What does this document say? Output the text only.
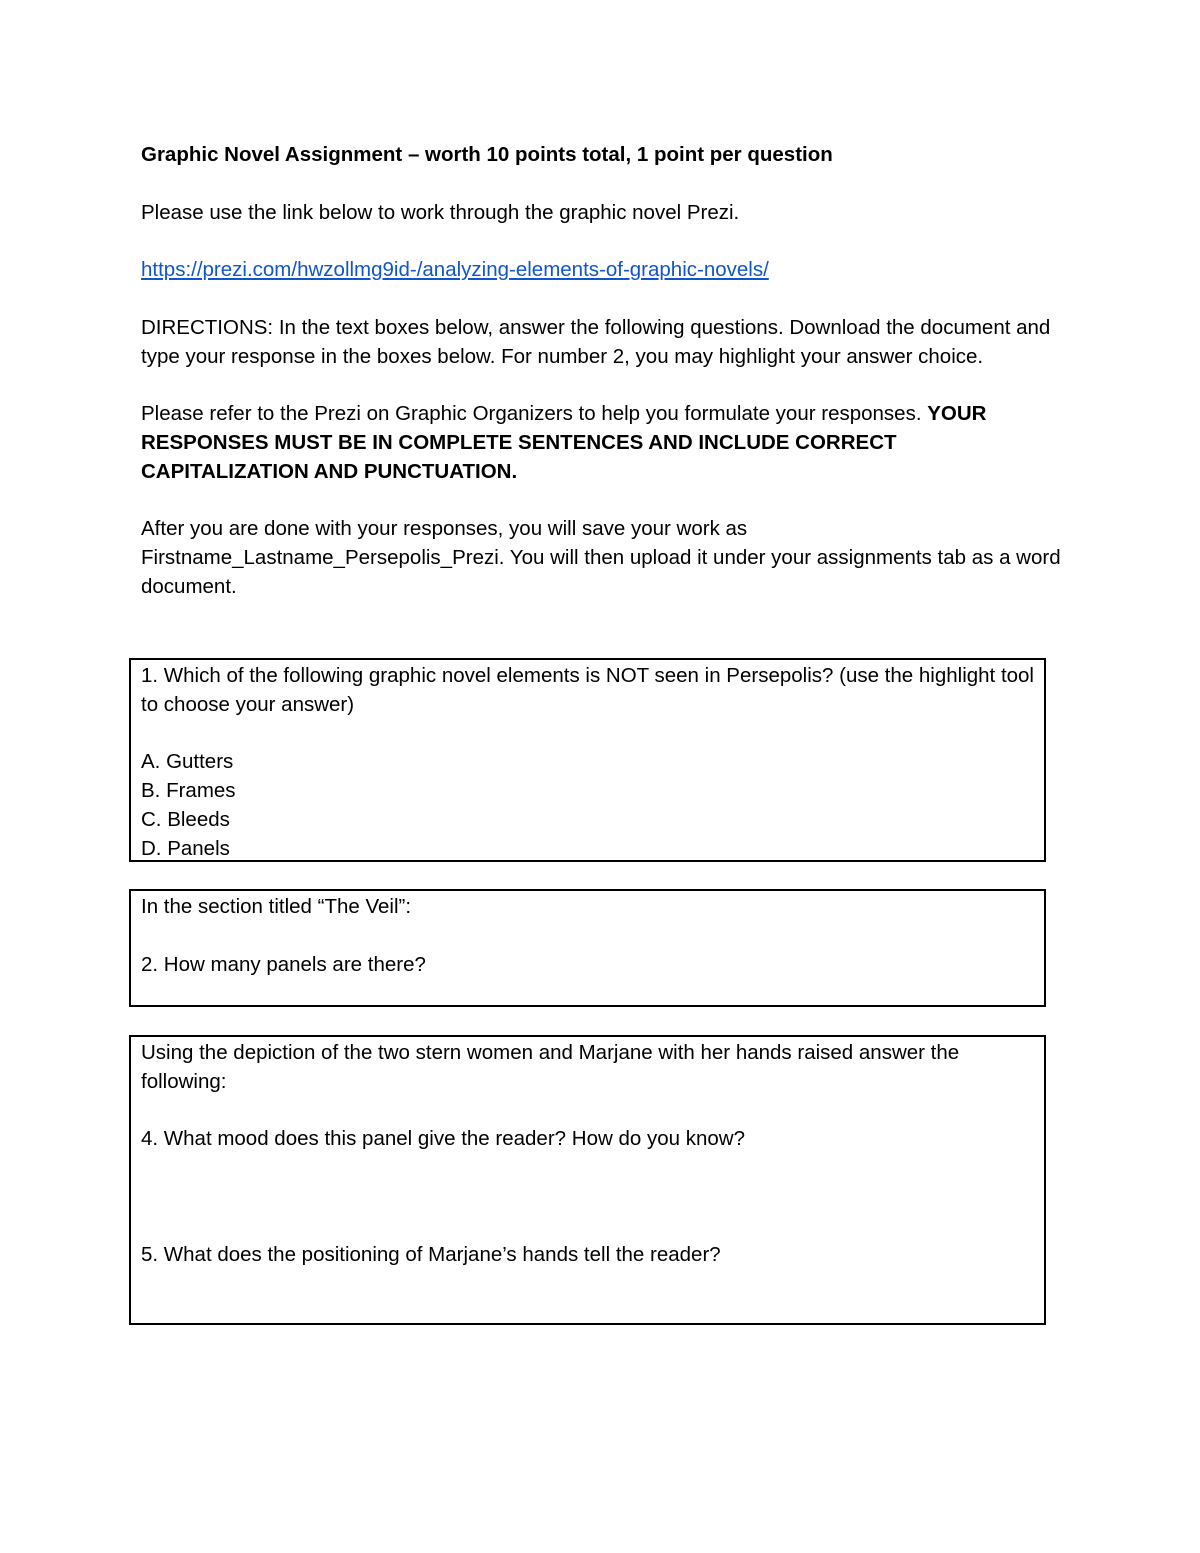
Graphic Novel Assignment – worth 10 points total, 1 point per question

Please use the link below to work through the graphic novel Prezi.

https://prezi.com/hwzollmg9id-/analyzing-elements-of-graphic-novels/

DIRECTIONS: In the text boxes below, answer the following questions. Download the document and type your response in the boxes below. For number 2, you may highlight your answer choice.

Please refer to the Prezi on Graphic Organizers to help you formulate your responses. YOUR RESPONSES MUST BE IN COMPLETE SENTENCES AND INCLUDE CORRECT CAPITALIZATION AND PUNCTUATION.

After you are done with your responses, you will save your work as
Firstname_Lastname_Persepolis_Prezi. You will then upload it under your assignments tab as a word document.

1. Which of the following graphic novel elements is NOT seen in Persepolis? (use the highlight tool to choose your answer)

A. Gutters

B. Frames

C. Bleeds

D. Panels

In the section titled “The Veil”:

2. How many panels are there?

Using the depiction of the two stern women and Marjane with her hands raised answer the following:

4. What mood does this panel give the reader? How do you know?

5. What does the positioning of Marjane’s hands tell the reader?
